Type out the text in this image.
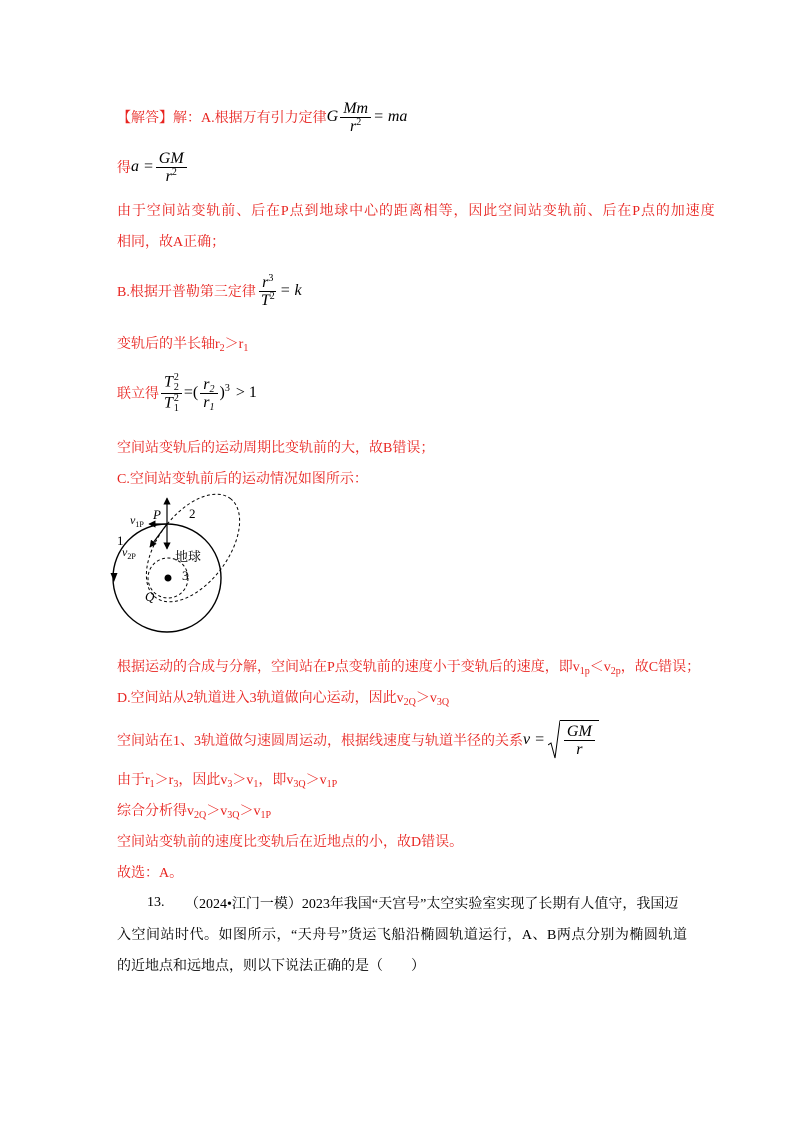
【解答】 解：A.根据万有引力定律 G $\frac{Mm}{r^2}$ = ma
得 $a = \frac{GM}{r^2}$
由于空间站变轨前、后在P点到地球中心的距离相等，因此空间站变轨前、后在P点的加速度
相同，故A正确；
B.根据开普勒第三定律 $\frac{r^3}{T^2} = k$
变轨后的半长轴$r_2>r_1$
联立得 T 2
2
T 2
1 =( $\frac{r_2}{r_1} )^3 > 1$
空间站变轨后的运动周期比变轨前的大，故B错误；
C.空间站变轨前后的运动情况如图所示：
$v_{1P}$
P 2
1
$v_{2P}$	地球
3
Q
根据运动的合成与分解，空间站在P点变轨前的速度小于变轨后的速度，即$v_{1p}<v_{2p}$，故C错误；
D.空间站从2轨道进入3轨道做向心运动，因此$v_{2Q}>v_{3Q}$
空间站在1、3轨道做匀速圆周运动，根据线速度与轨道半径的关系 $v = \frac{GM}{r}$
由于$r_1>r_3$，因此$v_3>v_1$，即$v_{3Q}>v_{1P}$
综合分析得$v_{2Q}>v_{3Q}>v_{1P}$
空间站变轨前的速度比变轨后在近地点的小，故D错误。
故选：A。
13.	（2024•江门一模）2023年我国“天宫号”太空实验室实现了长期有人值守，我国迈
入空间站时代。如图所示，“天舟号”货运飞船沿椭圆轨道运行，A、B两点分别为椭圆轨道
的近地点和远地点，则以下说法正确的是（　　）
